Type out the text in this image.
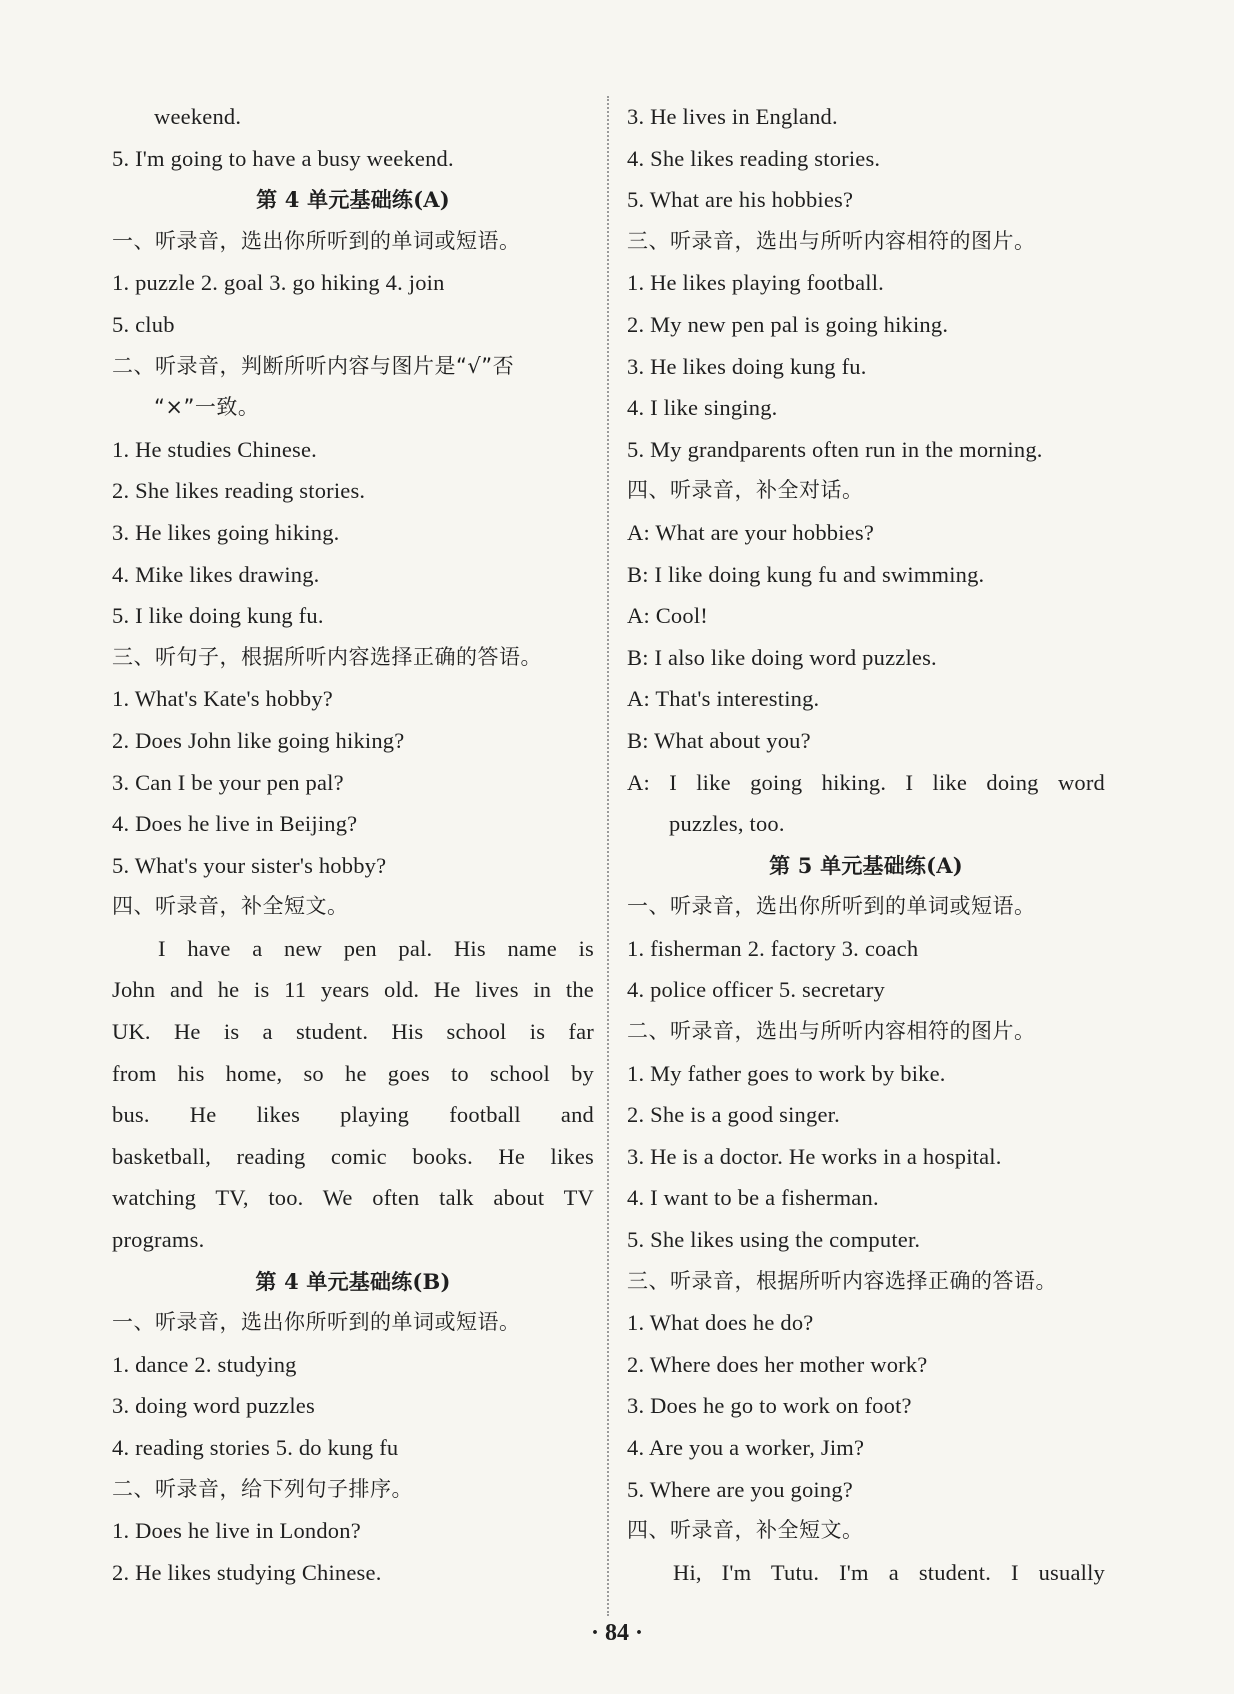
weekend.
5. I'm going to have a busy weekend.
第 4 单元基础练(A)
一、听录音，选出你所听到的单词或短语。
1. puzzle 2. goal 3. go hiking 4. join
5. club
二、听录音，判断所听内容与图片是“√”否
“×”一致。
1. He studies Chinese.
2. She likes reading stories.
3. He likes going hiking.
4. Mike likes drawing.
5. I like doing kung fu.
三、听句子，根据所听内容选择正确的答语。
1. What's Kate's hobby?
2. Does John like going hiking?
3. Can I be your pen pal?
4. Does he live in Beijing?
5. What's your sister's hobby?
四、听录音，补全短文。
I have a new pen pal. His name is
John and he is 11 years old. He lives in the
UK. He is a student. His school is far
from his home, so he goes to school by
bus. He likes playing football and
basketball, reading comic books. He likes
watching TV, too. We often talk about TV
programs.
第 4 单元基础练(B)
一、听录音，选出你所听到的单词或短语。
1. dance 2. studying
3. doing word puzzles
4. reading stories 5. do kung fu
二、听录音，给下列句子排序。
1. Does he live in London?
2. He likes studying Chinese.
3. He lives in England.
4. She likes reading stories.
5. What are his hobbies?
三、听录音，选出与所听内容相符的图片。
1. He likes playing football.
2. My new pen pal is going hiking.
3. He likes doing kung fu.
4. I like singing.
5. My grandparents often run in the morning.
四、听录音，补全对话。
A: What are your hobbies?
B: I like doing kung fu and swimming.
A: Cool!
B: I also like doing word puzzles.
A: That's interesting.
B: What about you?
A: I like going hiking. I like doing word
puzzles, too.
第 5 单元基础练(A)
一、听录音，选出你所听到的单词或短语。
1. fisherman 2. factory 3. coach
4. police officer 5. secretary
二、听录音，选出与所听内容相符的图片。
1. My father goes to work by bike.
2. She is a good singer.
3. He is a doctor. He works in a hospital.
4. I want to be a fisherman.
5. She likes using the computer.
三、听录音，根据所听内容选择正确的答语。
1. What does he do?
2. Where does her mother work?
3. Does he go to work on foot?
4. Are you a worker, Jim?
5. Where are you going?
四、听录音，补全短文。
Hi, I'm Tutu. I'm a student. I usually
· 84 ·
